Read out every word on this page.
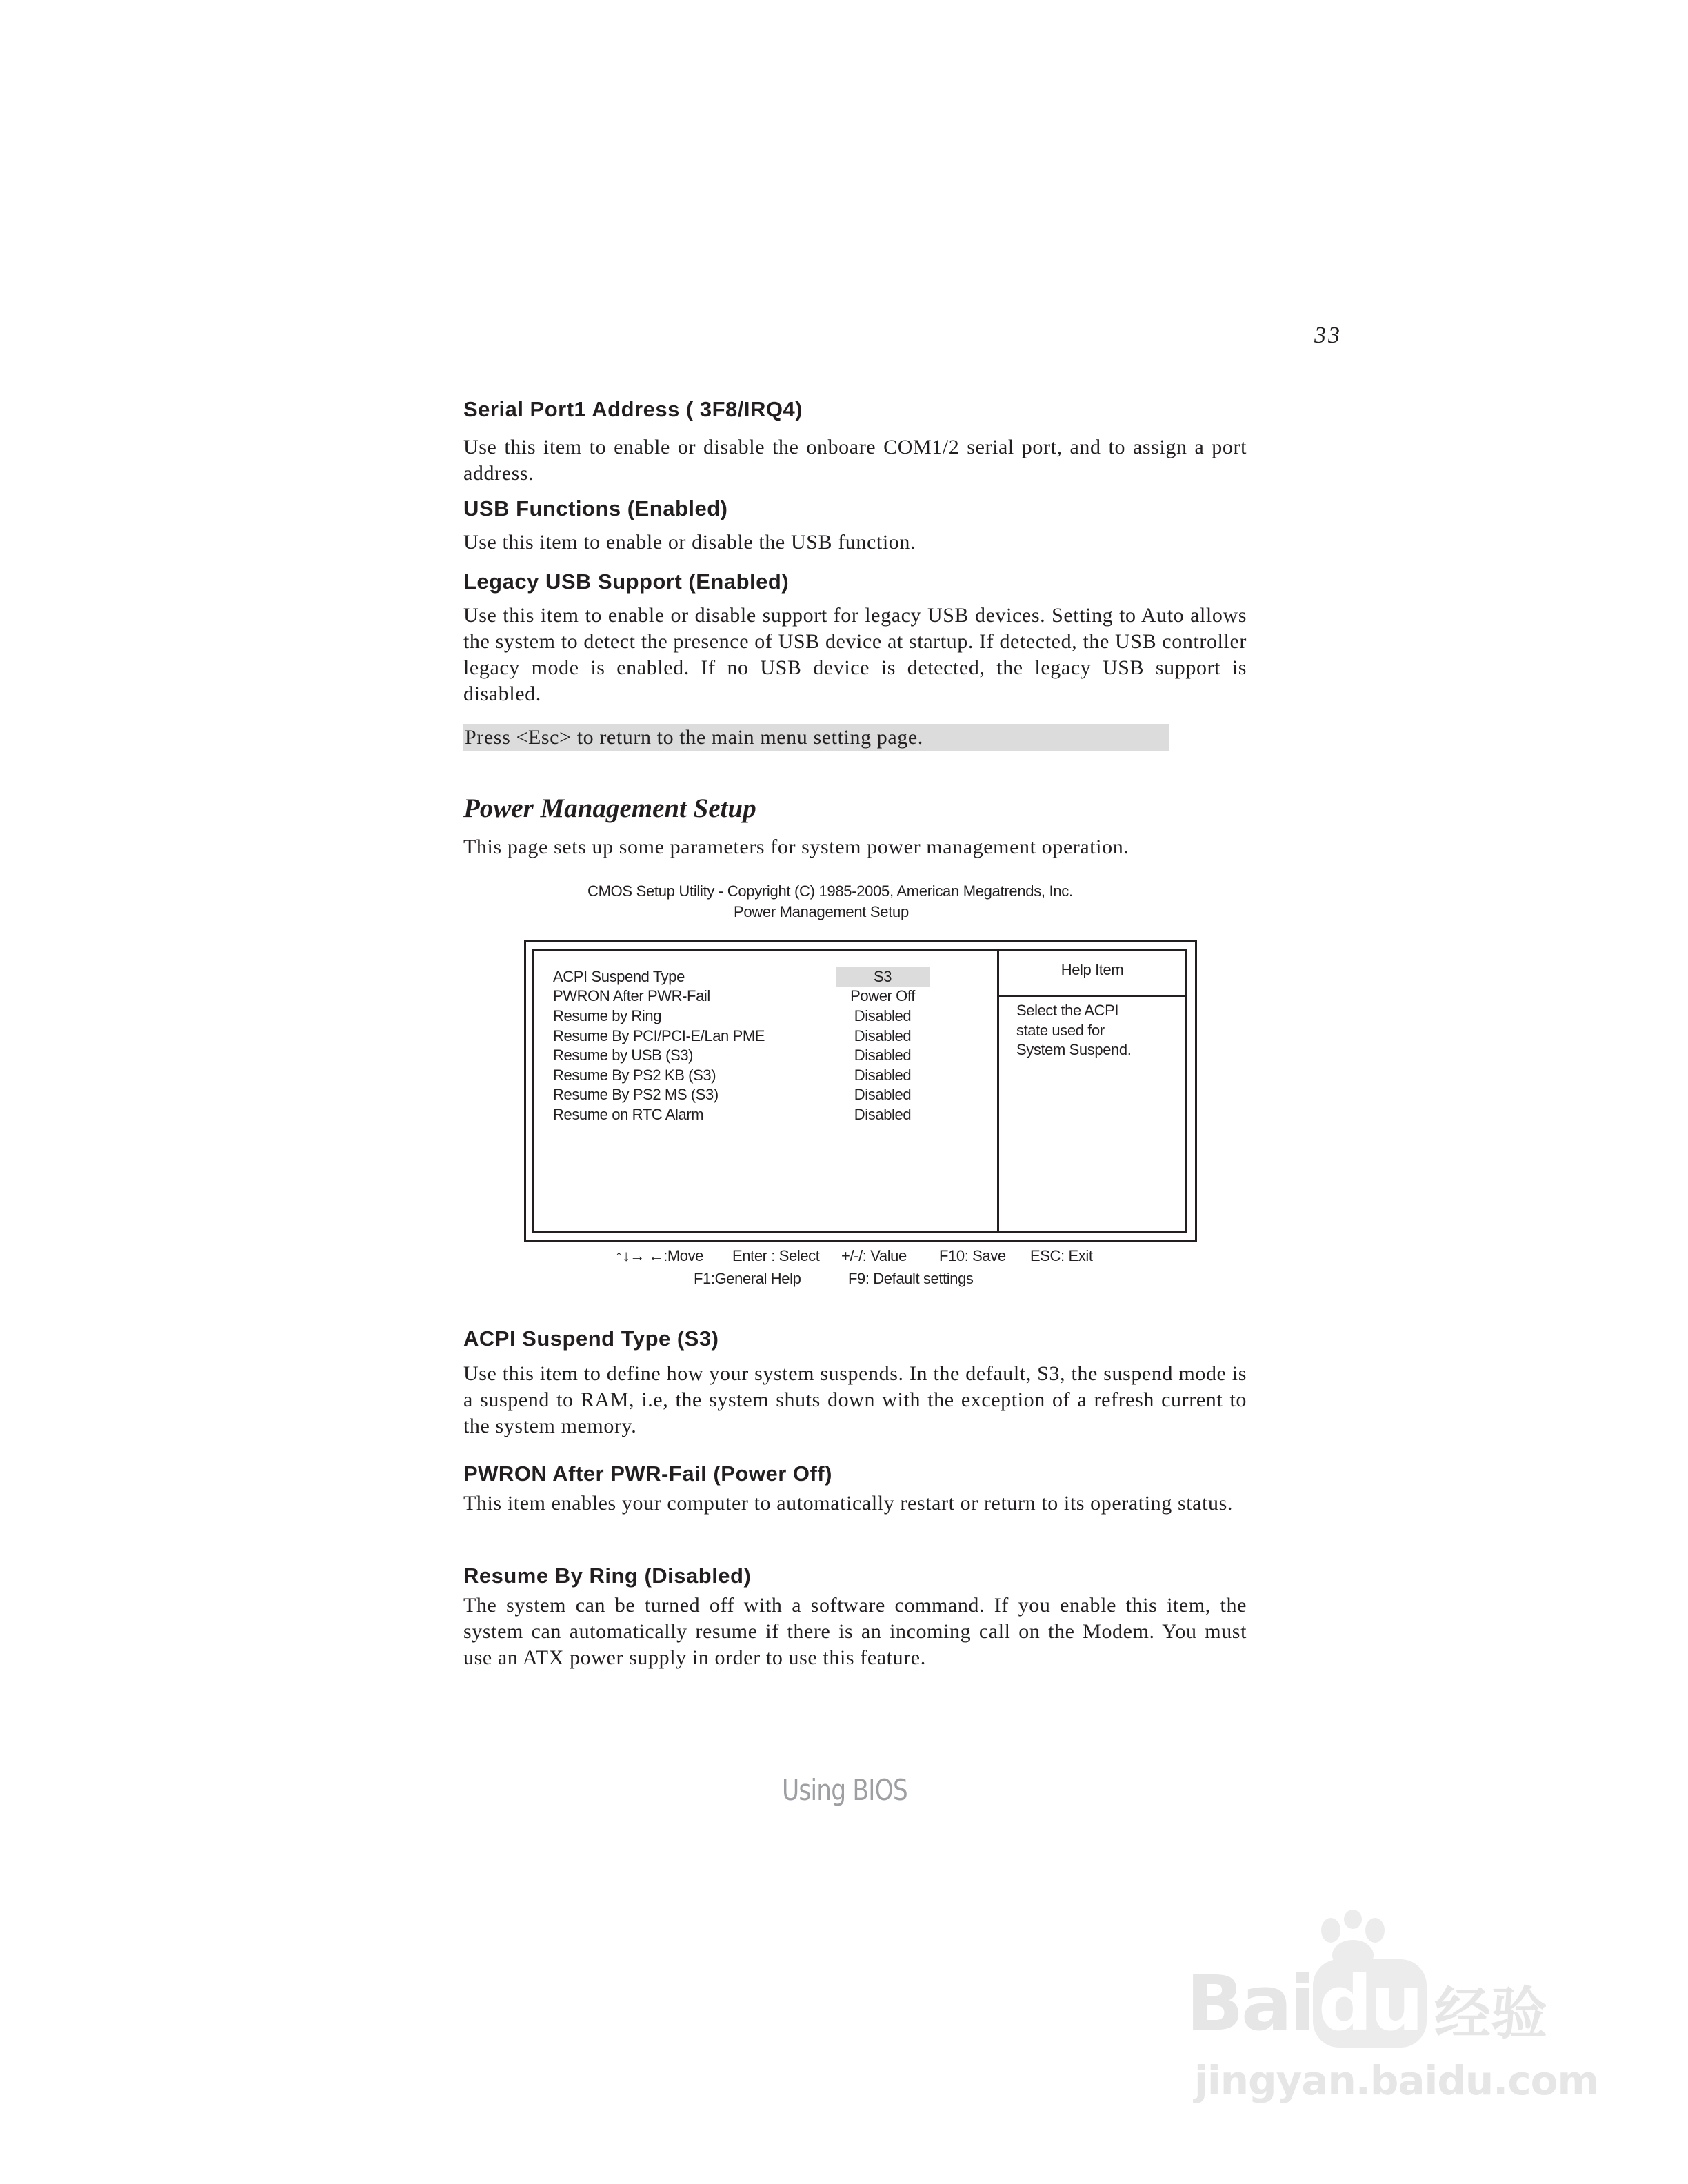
33
Serial Port1 Address ( 3F8/IRQ4)

Use this item to enable or disable the onboare COM1/2 serial port, and to assign a port address.

USB Functions (Enabled)

Use this item to enable or disable the USB function.

Legacy USB Support (Enabled)

Use this item to enable or disable support for legacy USB devices. Setting to Auto allows the system to detect the presence of USB device at startup. If detected, the USB controller legacy mode is enabled. If no USB device is detected, the legacy USB support is disabled.

Press <Esc> to return to the main menu setting page.
Power Management Setup

This page sets up some parameters for system power management operation.

CMOS Setup Utility - Copyright (C) 1985-2005, American Megatrends, Inc.
Power Management Setup
ACPI Suspend Type	S3
PWRON After PWR-Fail	Power Off
Resume by Ring	Disabled
Resume By PCI/PCI-E/Lan PME	Disabled
Resume by USB (S3)	Disabled
Resume By PS2 KB (S3)	Disabled
Resume By PS2 MS (S3)	Disabled
Resume on RTC Alarm	Disabled
Help Item
Select the ACPI
state used for
System Suspend.
↑↓→ ←:Move Enter : Select +/-/: Value F10: Save ESC: Exit
F1:General Help	F9: Default settings
ACPI Suspend Type (S3)

Use this item to define how your system suspends. In the default, S3, the suspend mode is a suspend to RAM, i.e, the system shuts down with the exception of a refresh current to the system memory.

PWRON After PWR-Fail (Power Off)

This item enables your computer to automatically restart or return to its operating status.

Resume By Ring (Disabled)

The system can be turned off with a software command. If you enable this item, the system can automatically resume if there is an incoming call on the Modem. You must use an ATX power supply in order to use this feature.

Using BIOS
Baidu 经验
jingyan.baidu.com
